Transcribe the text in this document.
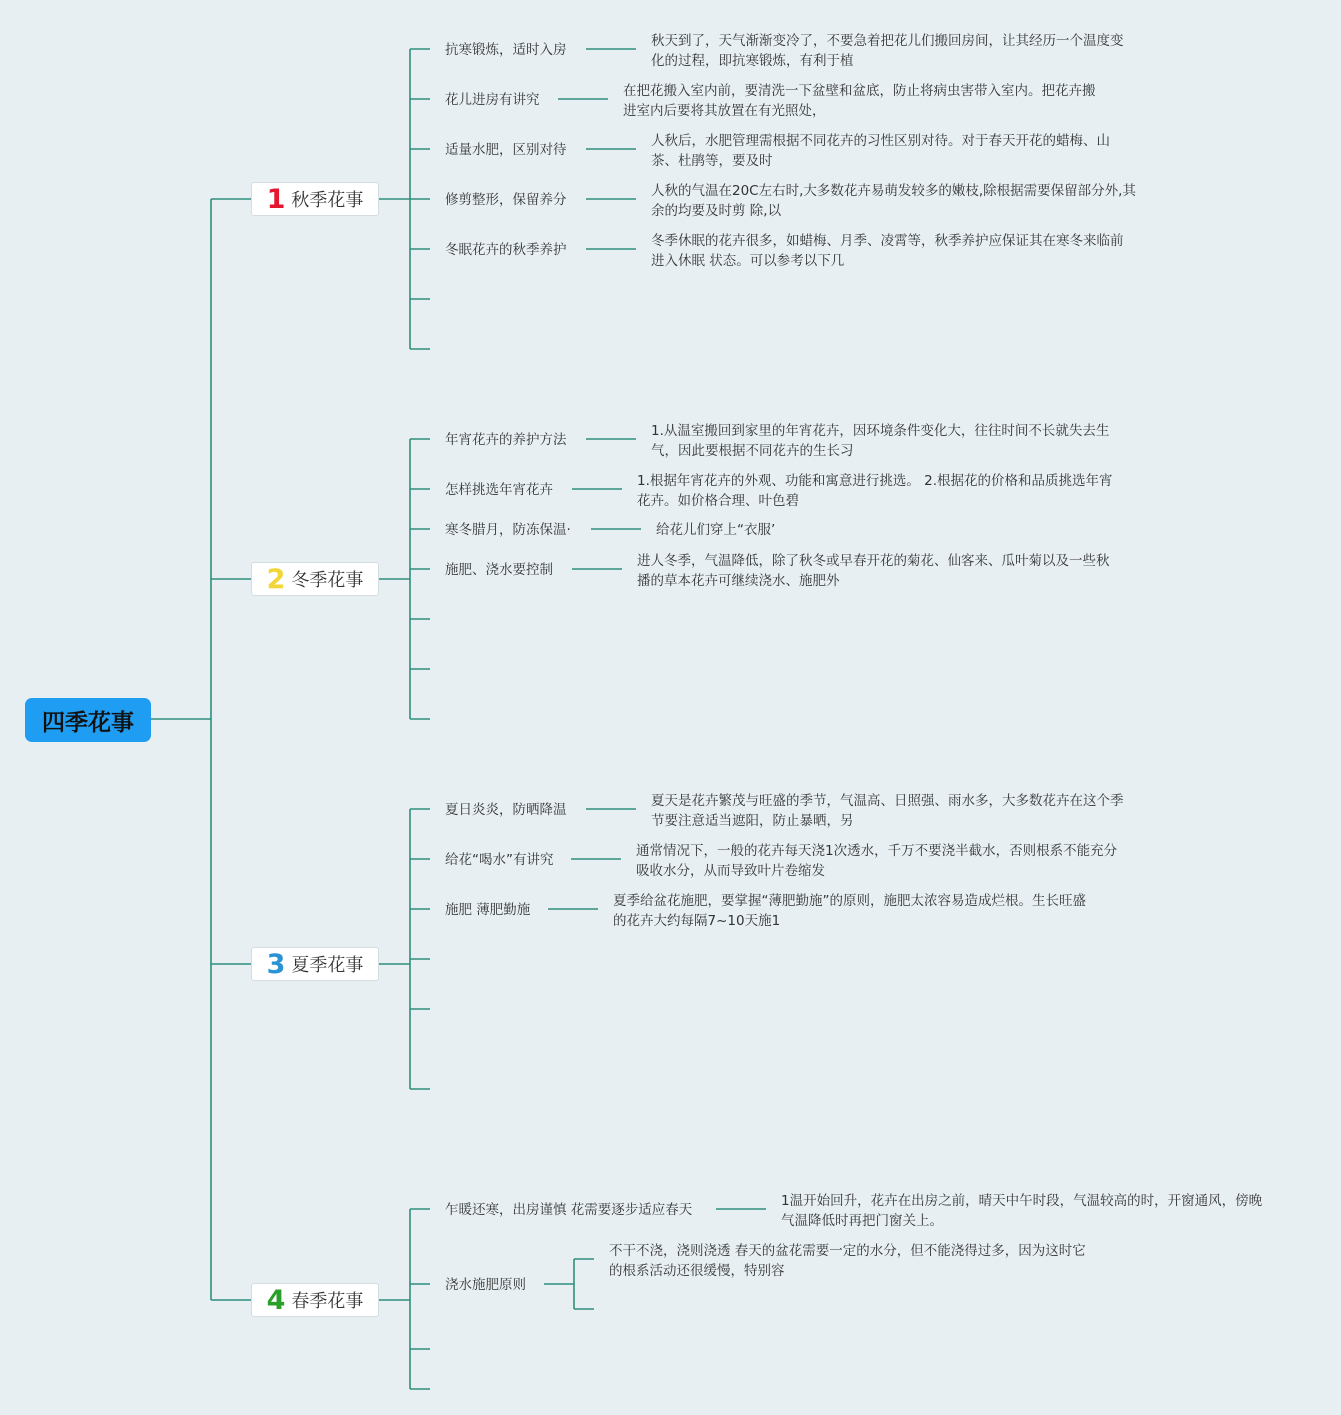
四季花事
1 秋季花事
抗寒锻炼，适时入房
花儿进房有讲究
适量水肥，区别对待
修剪整形，保留养分
冬眠花卉的秋季养护
秋天到了，天气渐渐变冷了，不要急着把花儿们搬回房间，让其经历一个温度变
化的过程，即抗寒锻炼，有利于植
在把花搬入室内前，要清洗一下盆壁和盆底，防止将病虫害带入室内。把花卉搬
进室内后要将其放置在有光照处，
人秋后，水肥管理需根据不同花卉的习性区别对待。对于春天开花的蜡梅、山
茶、杜鹃等，要及时
人秋的气温在20C左右时,大多数花卉易萌发较多的嫩枝,除根据需要保留部分外,其
余的均要及时剪 除,以
冬季休眠的花卉很多，如蜡梅、月季、凌霄等，秋季养护应保证其在寒冬来临前
进入休眠 状态。可以参考以下几
2 冬季花事
年宵花卉的养护方法
怎样挑选年宵花卉
寒冬腊月，防冻保温·
施肥、浇水要控制
1.从温室搬回到家里的年宵花卉，因环境条件变化大，往往时间不长就失去生
气，因此要根据不同花卉的生长习
1.根据年宵花卉的外观、功能和寓意进行挑选。 2.根据花的价格和品质挑选年宵
花卉。如价格合理、叶色碧
给花儿们穿上“衣服’
进人冬季，气温降低，除了秋冬或早春开花的菊花、仙客来、瓜叶菊以及一些秋
播的草本花卉可继续浇水、施肥外
3 夏季花事
夏日炎炎，防晒降温
给花“喝水”有讲究
施肥 薄肥勤施
夏天是花卉繁茂与旺盛的季节，气温高、日照强、雨水多，大多数花卉在这个季
节要注意适当遮阳，防止暴晒，另
通常情况下，一般的花卉每天浇1次透水，千万不要浇半截水，否则根系不能充分
吸收水分，从而导致叶片卷缩发
夏季给盆花施肥，要掌握“薄肥勤施”的原则，施肥太浓容易造成烂根。生长旺盛
的花卉大约每隔7~10天施1
4 春季花事
乍暖还寒，出房谨慎 花需要逐步适应春天
浇水施肥原则
1温开始回升，花卉在出房之前，晴天中午时段，气温较高的时，开窗通风，傍晚
气温降低时再把门窗关上。
不干不浇，浇则浇透 春天的盆花需要一定的水分，但不能浇得过多，因为这时它
的根系活动还很缓慢，特别容
